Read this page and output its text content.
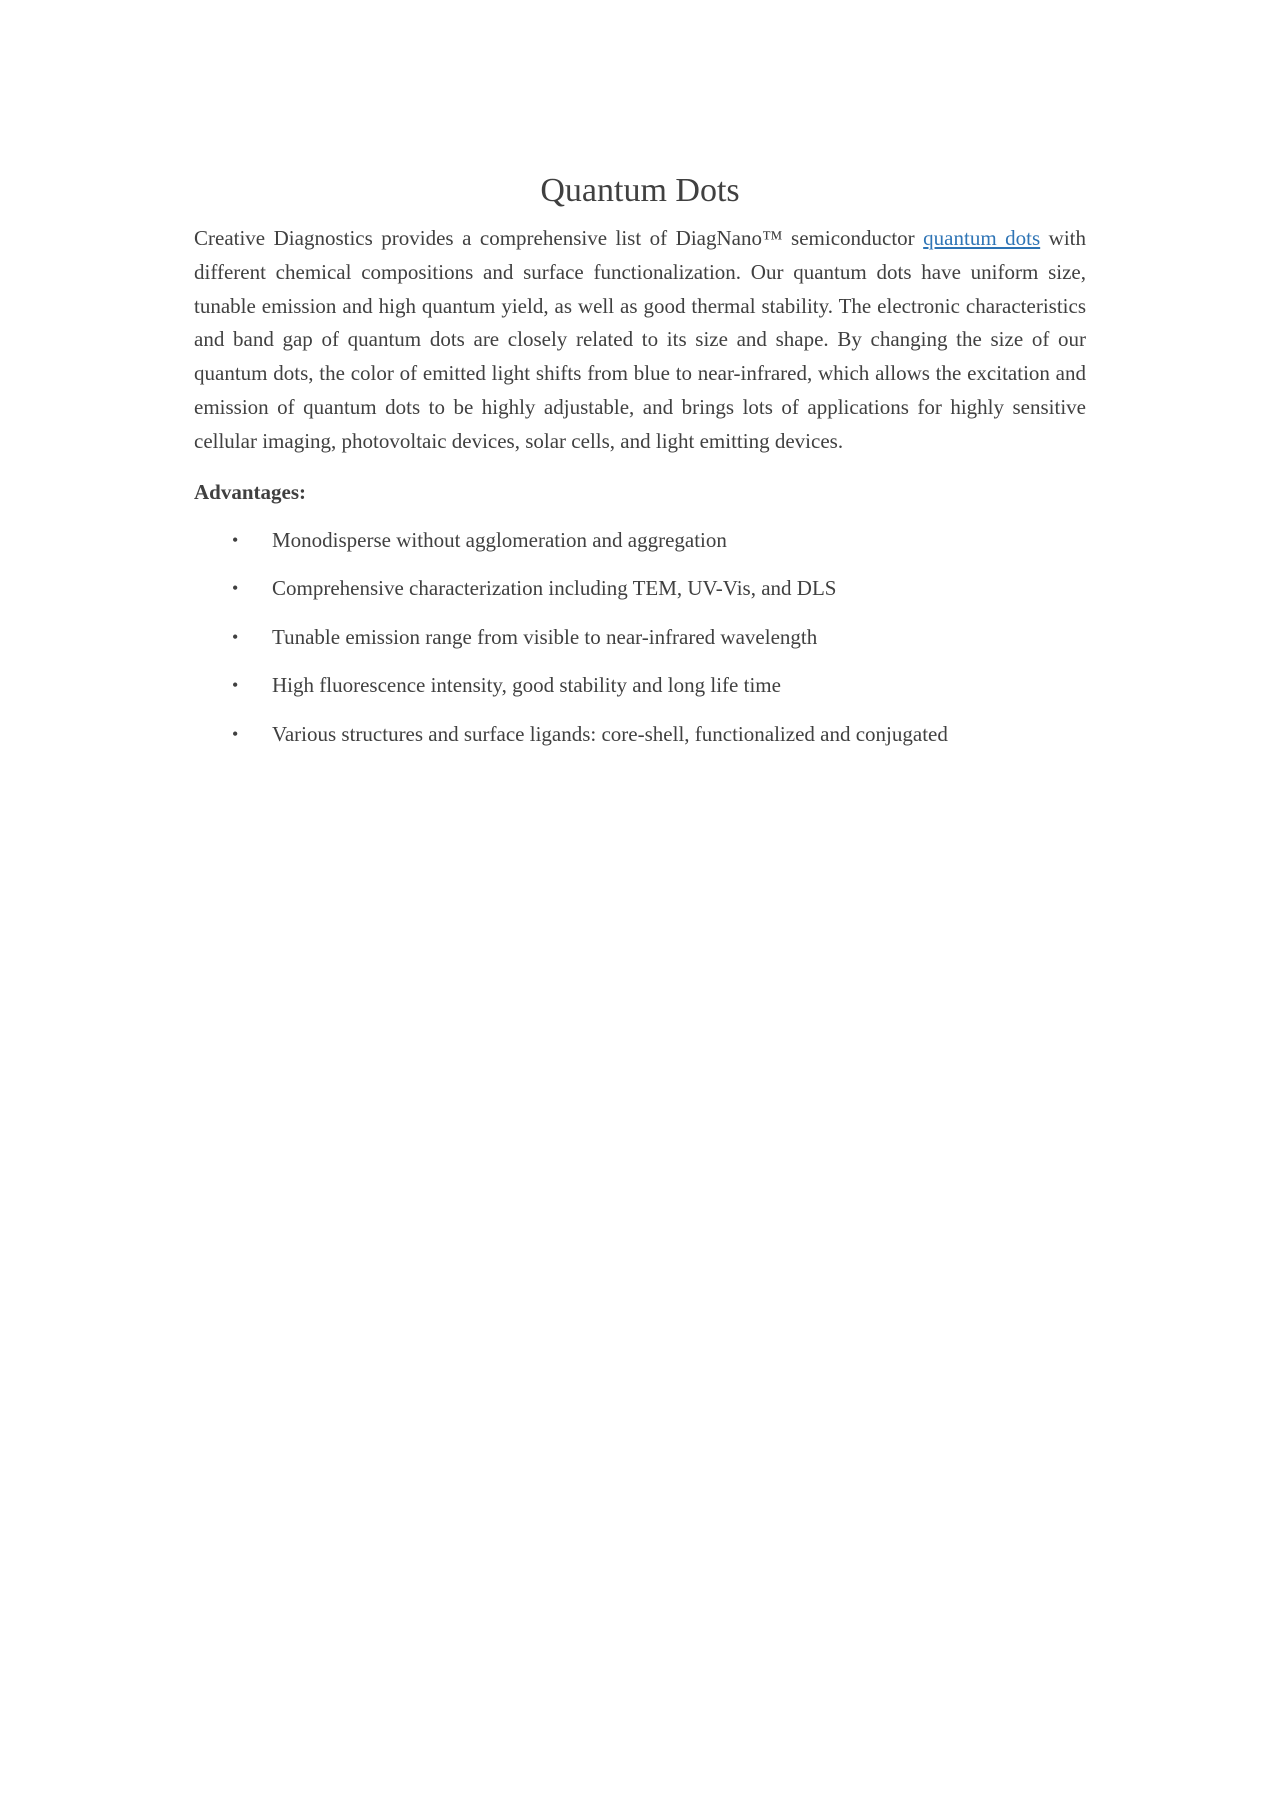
Quantum Dots

Creative Diagnostics provides a comprehensive list of DiagNano™ semiconductor quantum dots with different chemical compositions and surface functionalization. Our quantum dots have uniform size, tunable emission and high quantum yield, as well as good thermal stability. The electronic characteristics and band gap of quantum dots are closely related to its size and shape. By changing the size of our quantum dots, the color of emitted light shifts from blue to near-infrared, which allows the excitation and emission of quantum dots to be highly adjustable, and brings lots of applications for highly sensitive cellular imaging, photovoltaic devices, solar cells, and light emitting devices.

Advantages:
• Monodisperse without agglomeration and aggregation
• Comprehensive characterization including TEM, UV-Vis, and DLS
• Tunable emission range from visible to near-infrared wavelength
• High fluorescence intensity, good stability and long life time
• Various structures and surface ligands: core-shell, functionalized and conjugated
